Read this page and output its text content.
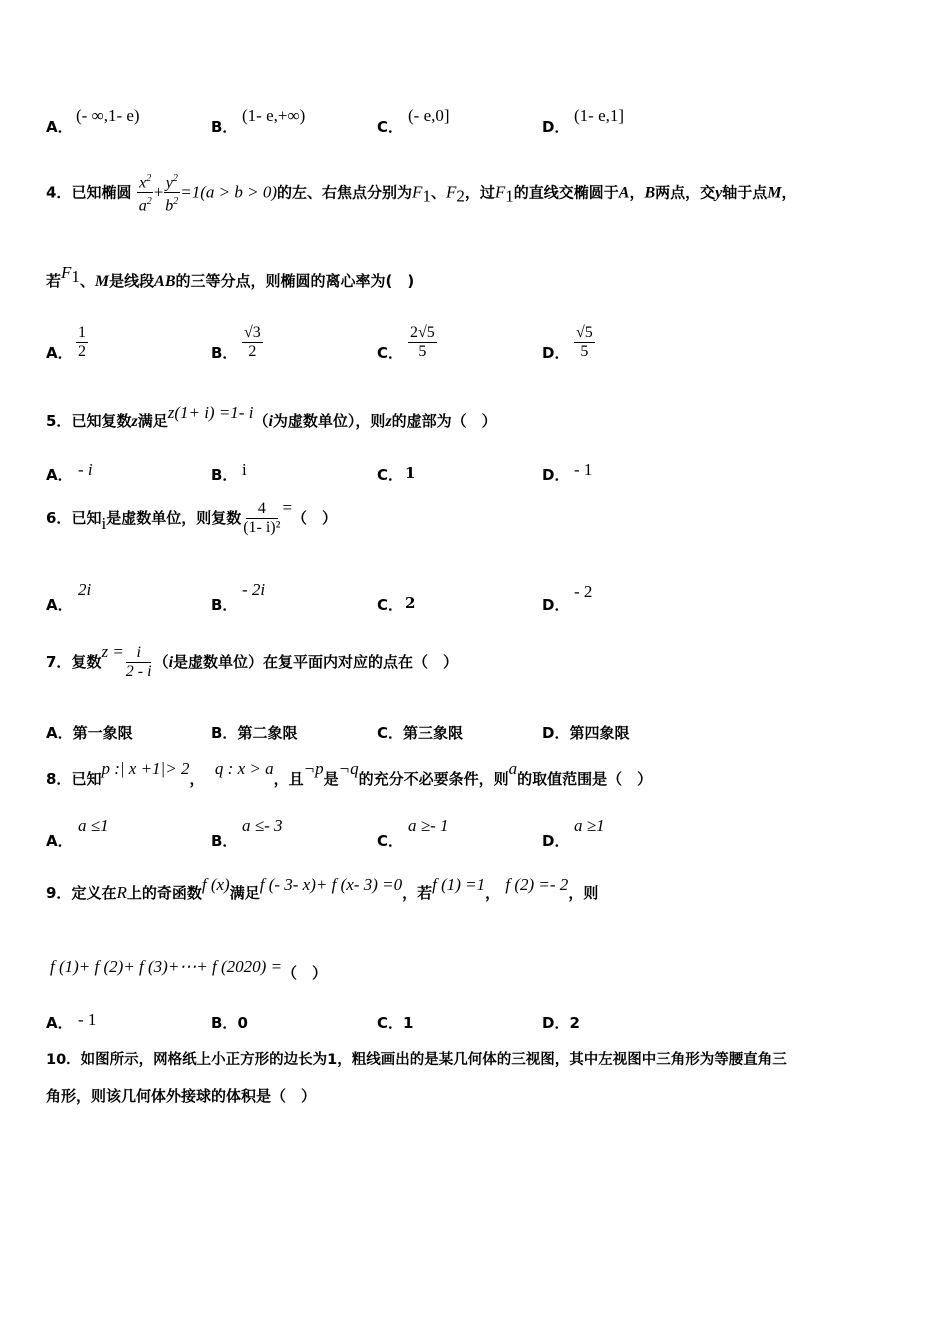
A．
(- ∞,1- e)
B．
(1- e,+∞)
C．
(- e,0]
D．
(1- e,1]
4．已知椭圆 $\frac{x^2}{a^2} + \frac{y^2}{b^2} =1(a > b > 0)$的左、右焦点分别为$F_1$、$F_2$，过$F_1$的直线交椭圆于A，B两点，交y轴于点M，
若$F_1$、M是线段AB的三等分点，则椭圆的离心率为(　)
A． $\frac{1}{2}$	B． $\frac{√3}{2}$	C． $\frac{2√5}{5}$	D． $\frac{√5}{5}$
5．已知复数z满足z(1+ i) =1- i（i为虚数单位），则z的虚部为（　）
A． - i	B． i	C． 1	D． - 1
6．已知i是虚数单位，则复数 $\frac{4}{\text{(1- i)²}}$ =（　）
A．
2i
B．
- 2i
C． 2	D．
- 2
7．复数$z = \frac{i}{2 - i} (i$是虚数单位）在复平面内对应的点在（　）
A．第一象限	B．第二象限	C．第三象限	D．第四象限
8．已知p :| x +1|> 2，  q : x > a，且¬p是¬q的充分不必要条件，则a的取值范围是（　）
A．
a ≤1
B．
a ≤- 3
C．
a ≥- 1
D．
a ≥1
9．定义在R上的奇函数f (x)满足f (- 3- x)+ f (x- 3) =0，若f (1) =1， f (2) =- 2，则
f (1)+ f (2)+ f (3)+⋯+ f (2020) =（　）
A． - 1	B．0	C．1	D．2
10．如图所示，网格纸上小正方形的边长为1，粗线画出的是某几何体的三视图，其中左视图中三角形为等腰直角三
角形，则该几何体外接球的体积是（　）
